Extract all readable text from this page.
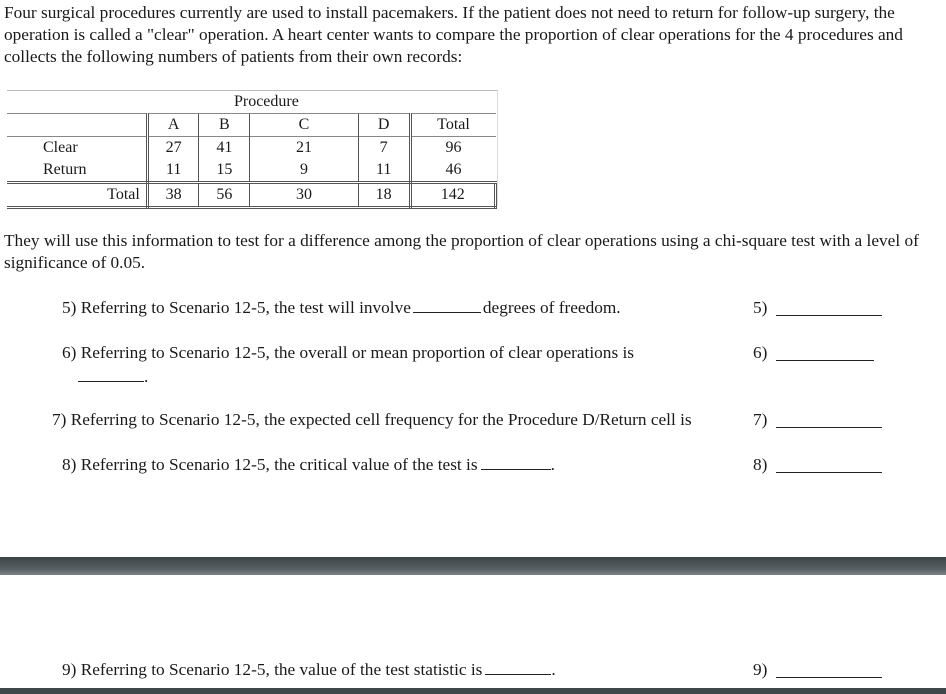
Four surgical procedures currently are used to install pacemakers. If the patient does not need to return for follow-up surgery, the operation is called a "clear" operation. A heart center wants to compare the proportion of clear operations for the 4 procedures and collects the following numbers of patients from their own records:

	Procedure				
	A	B	C	D	Total
Clear	27	41	21	7	96
Return	11	15	9	11	46
Total	38	56	30	18	142

They will use this information to test for a difference among the proportion of clear operations using a chi-square test with a level of significance of 0.05.

5) Referring to Scenario 12-5, the test will involve	degrees of freedom.	5)
6) Referring to Scenario 12-5, the overall or mean proportion of clear operations is
.
6)
7) Referring to Scenario 12-5, the expected cell frequency for the Procedure D/Return cell is	7)
8) Referring to Scenario 12-5, the critical value of the test is	.	8)
9) Referring to Scenario 12-5, the value of the test statistic is	.	9)
